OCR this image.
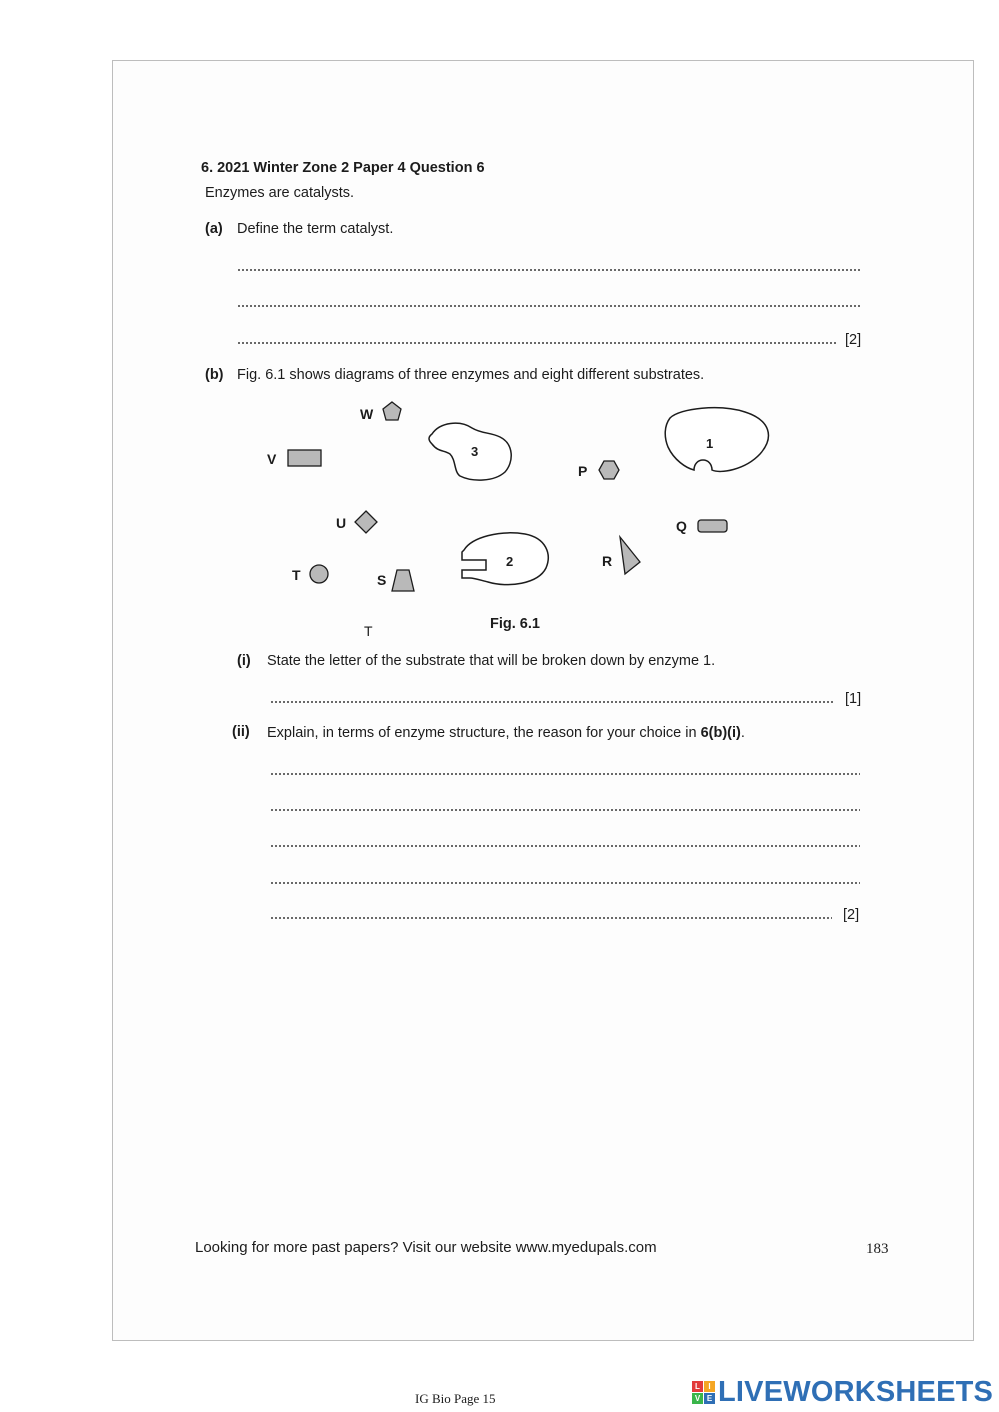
6. 2021 Winter Zone 2 Paper 4 Question 6
Enzymes are catalysts.
(a) Define the term catalyst.
[2]
(b) Fig. 6.1 shows diagrams of three enzymes and eight different substrates.
W
V
P
U	Q
T	S
R
3
1
2
T	Fig. 6.1
(i) State the letter of the substrate that will be broken down by enzyme 1.
[1]
(ii) Explain, in terms of enzyme structure, the reason for your choice in 6(b)(i).
[2]
Looking for more past papers? Visit our website www.myedupals.com	183
IG Bio Page 15
L	I
V E LIVEWORKSHEETS
